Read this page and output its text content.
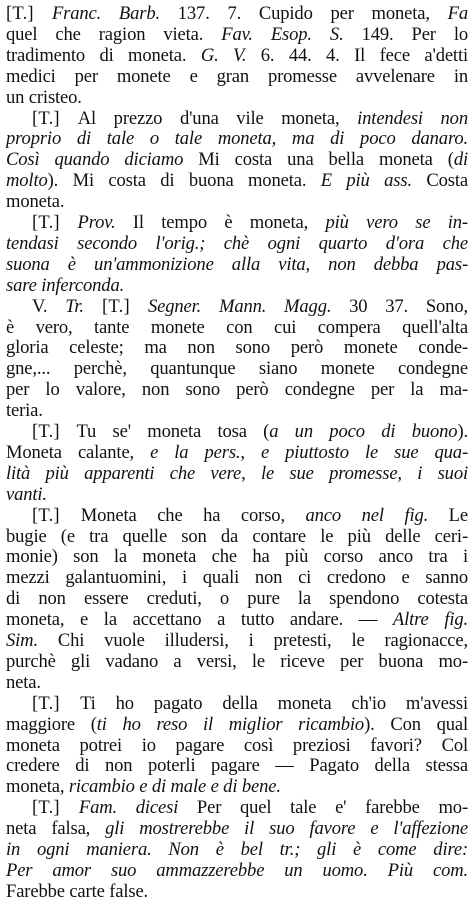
[T.] Franc. Barb. 137. 7. Cupido per moneta, Fa
quel che ragion vieta. Fav. Esop. S. 149. Per lo
tradimento di moneta. G. V. 6. 44. 4. Il fece a'detti
medici per monete e gran promesse avvelenare in
un cristeo.
[T.] Al prezzo d'una vile moneta, intendesi non
proprio di tale o tale moneta, ma di poco danaro.
Così quando diciamo Mi costa una bella moneta (di
molto). Mi costa di buona moneta. E più ass. Costa
moneta.
[T.] Prov. Il tempo è moneta, più vero se in-
tendasi secondo l'orig.; chè ogni quarto d'ora che
suona è un'ammonizione alla vita, non debba pas-
sare inferconda.
V. Tr. [T.] Segner. Mann. Magg. 30 37. Sono,
è vero, tante monete con cui compera quell'alta
gloria celeste; ma non sono però monete conde-
gne,... perchè, quantunque siano monete condegne
per lo valore, non sono però condegne per la ma-
teria.
[T.] Tu se' moneta tosa (a un poco di buono).
Moneta calante, e la pers., e piuttosto le sue qua-
lità più apparenti che vere, le sue promesse, i suoi
vanti.
[T.] Moneta che ha corso, anco nel fig. Le
bugie (e tra quelle son da contare le più delle ceri-
monie) son la moneta che ha più corso anco tra i
mezzi galantuomini, i quali non ci credono e sanno
di non essere creduti, o pure la spendono cotesta
moneta, e la accettano a tutto andare. — Altre fig.
Sim. Chi vuole illudersi, i pretesti, le ragionacce,
purchè gli vadano a versi, le riceve per buona mo-
neta.
[T.] Ti ho pagato della moneta ch'io m'avessi
maggiore (ti ho reso il miglior ricambio). Con qual
moneta potrei io pagare così preziosi favori? Col
credere di non poterli pagare — Pagato della stessa
moneta, ricambio e di male e di bene.
[T.] Fam. dicesi Per quel tale e' farebbe mo-
neta falsa, gli mostrerebbe il suo favore e l'affezione
in ogni maniera. Non è bel tr.; gli è come dire:
Per amor suo ammazzerebbe un uomo. Più com.
Farebbe carte false.
